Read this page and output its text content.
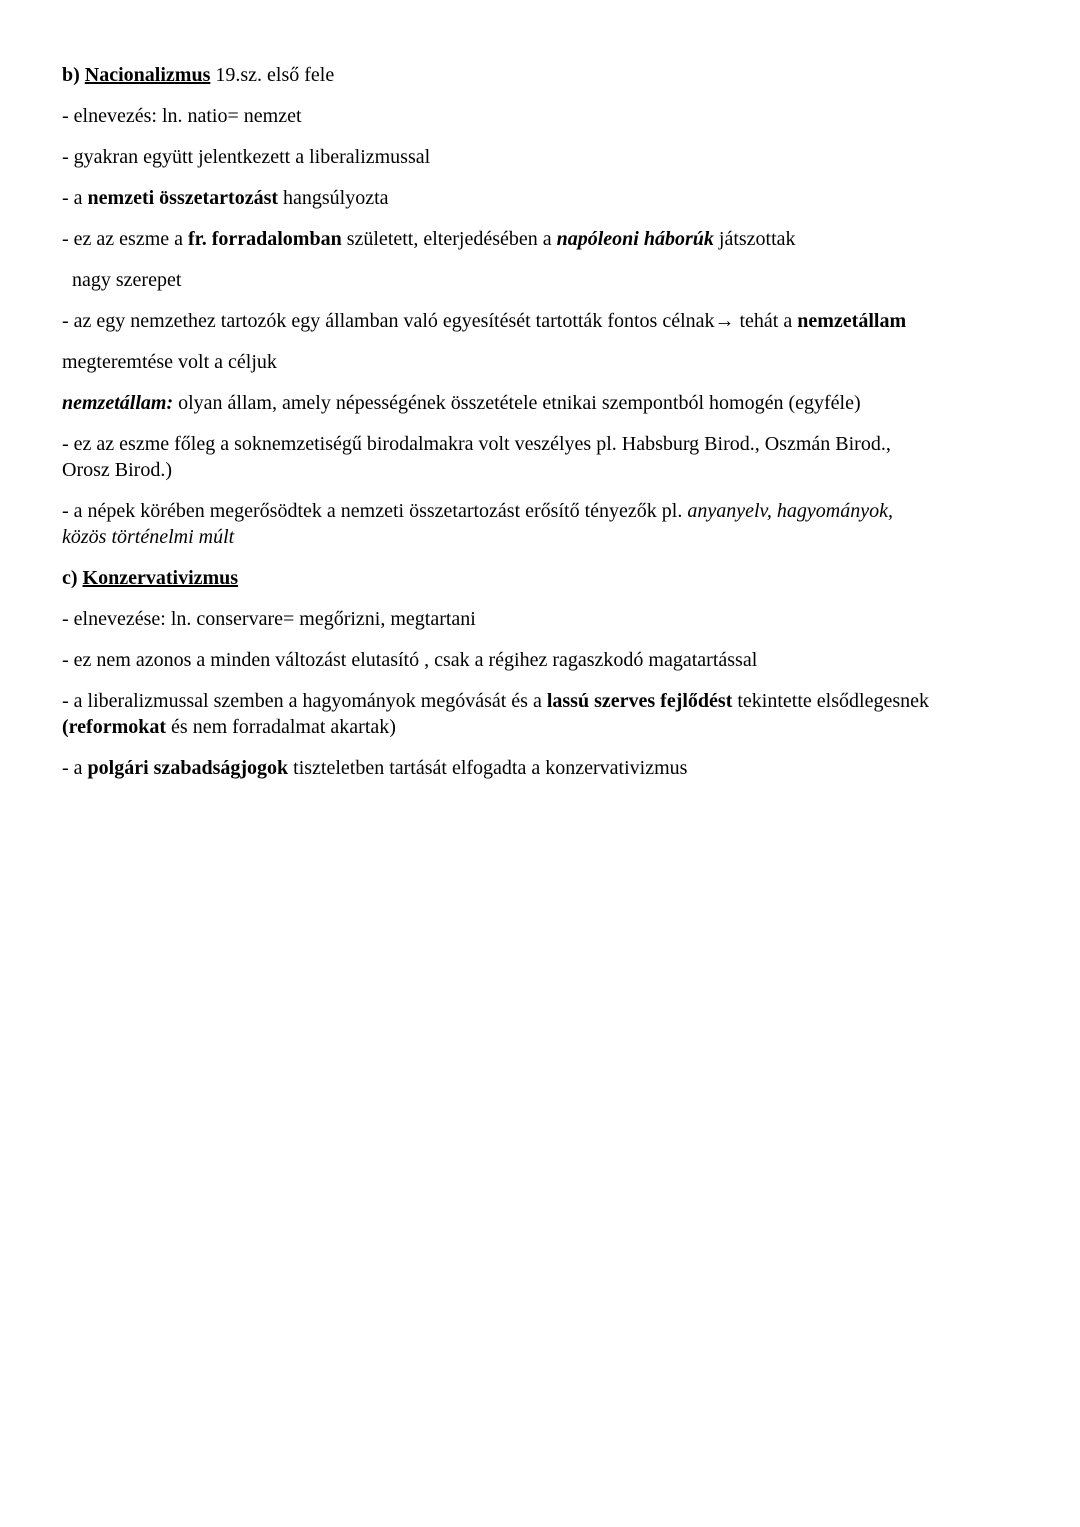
b) Nacionalizmus 19.sz. első fele

- elnevezés: ln. natio= nemzet

- gyakran együtt jelentkezett a liberalizmussal

- a nemzeti összetartozást hangsúlyozta

- ez az eszme a fr. forradalomban született, elterjedésében a napóleoni háborúk játszottak

nagy szerepet

- az egy nemzethez tartozók egy államban való egyesítését tartották fontos célnak→ tehát a nemzetállam

megteremtése volt a céljuk

nemzetállam: olyan állam, amely népességének összetétele etnikai szempontból homogén (egyféle)

- ez az eszme főleg a soknemzetiségű birodalmakra volt veszélyes pl. Habsburg Birod., Oszmán Birod.,
Orosz Birod.)

- a népek körében megerősödtek a nemzeti összetartozást erősítő tényezők pl. anyanyelv, hagyományok,
közös történelmi múlt

c) Konzervativizmus

- elnevezése: ln. conservare= megőrizni, megtartani

- ez nem azonos a minden változást elutasító , csak a régihez ragaszkodó magatartással

- a liberalizmussal szemben a hagyományok megóvását és a lassú szerves fejlődést tekintette elsődlegesnek
(reformokat és nem forradalmat akartak)

- a polgári szabadságjogok tiszteletben tartását elfogadta a konzervativizmus
